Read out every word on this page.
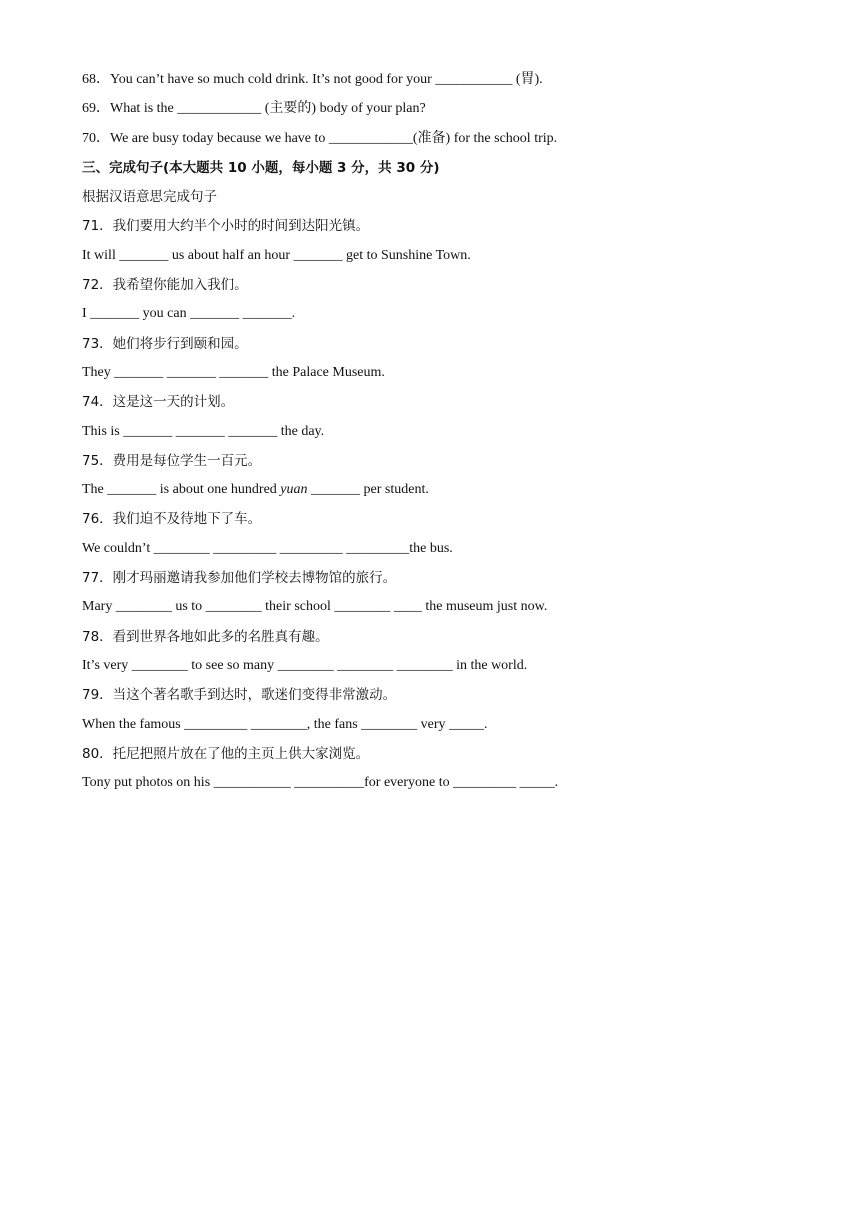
68．You can’t have so much cold drink. It’s not good for your ___________ (胃).
69．What is the ____________ (主要的) body of your plan?
70．We are busy today because we have to ____________(准备) for the school trip.
三、完成句子(本大题共 10 小题，每小题 3 分，共 30 分)
根据汉语意思完成句子
71．我们要用大约半个小时的时间到达阳光镇。
It will _______ us about half an hour _______ get to Sunshine Town.
72．我希望你能加入我们。
I _______ you can _______ _______.
73．她们将步行到颐和园。
They _______ _______ _______ the Palace Museum.
74．这是这一天的计划。
This is _______ _______ _______ the day.
75．费用是每位学生一百元。
The _______ is about one hundred yuan _______ per student.
76．我们迫不及待地下了车。
We couldn’t ________ _________ _________ _________the bus.
77．刚才玛丽邀请我参加他们学校去博物馆的旅行。
Mary ________ us to ________ their school ________ ____ the museum just now.
78．看到世界各地如此多的名胜真有趣。
It’s very ________ to see so many ________ ________ ________ in the world.
79．当这个著名歌手到达时，歌迷们变得非常激动。
When the famous _________ ________, the fans ________ very _____.
80．托尼把照片放在了他的主页上供大家浏览。
Tony put photos on his ___________ __________for everyone to _________ _____.
